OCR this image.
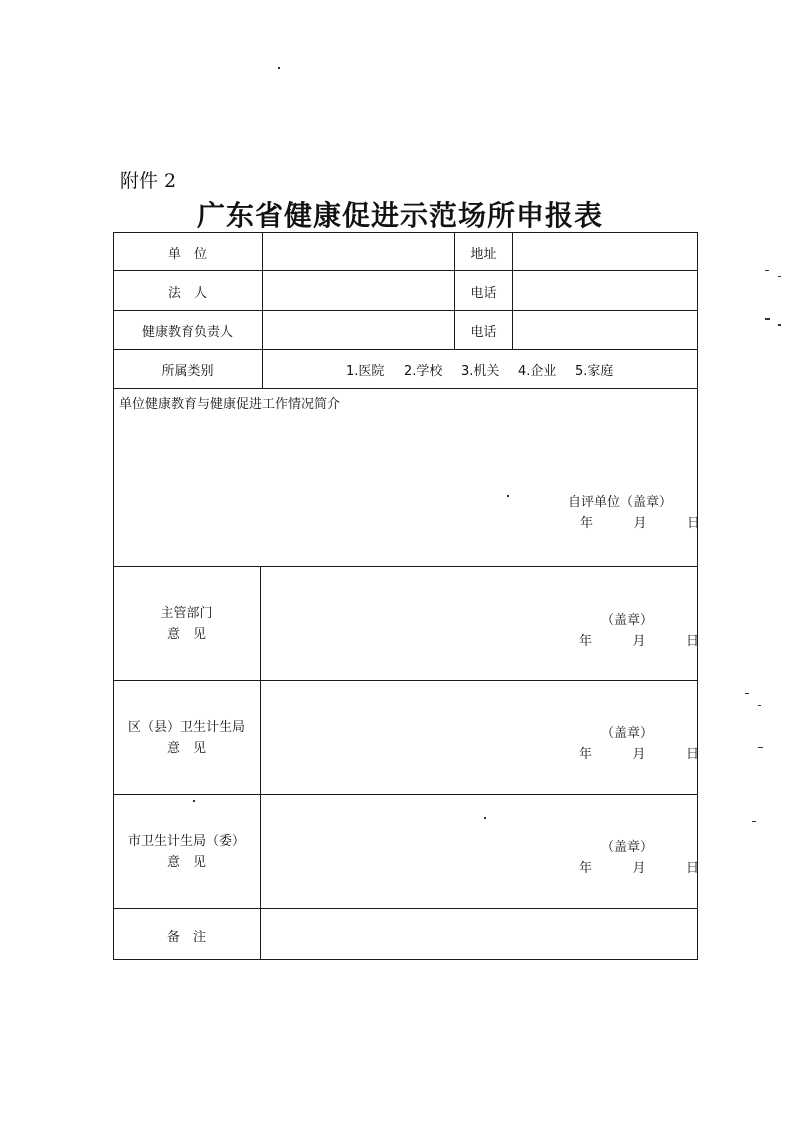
附件 2
广东省健康促进示范场所申报表
单　位	地址
法　人	电话
健康教育负责人	电话
所属类别	1.医院 2.学校 3.机关 4.企业 5.家庭
单位健康教育与健康促进工作情况简介
自评单位（盖章）
年	月	日
主管部门
意　见
（盖章）
年	月	日
区（县）卫生计生局
意　见
（盖章）
年	月	日
市卫生计生局（委）
意　见
（盖章）
年	月	日
备　注
